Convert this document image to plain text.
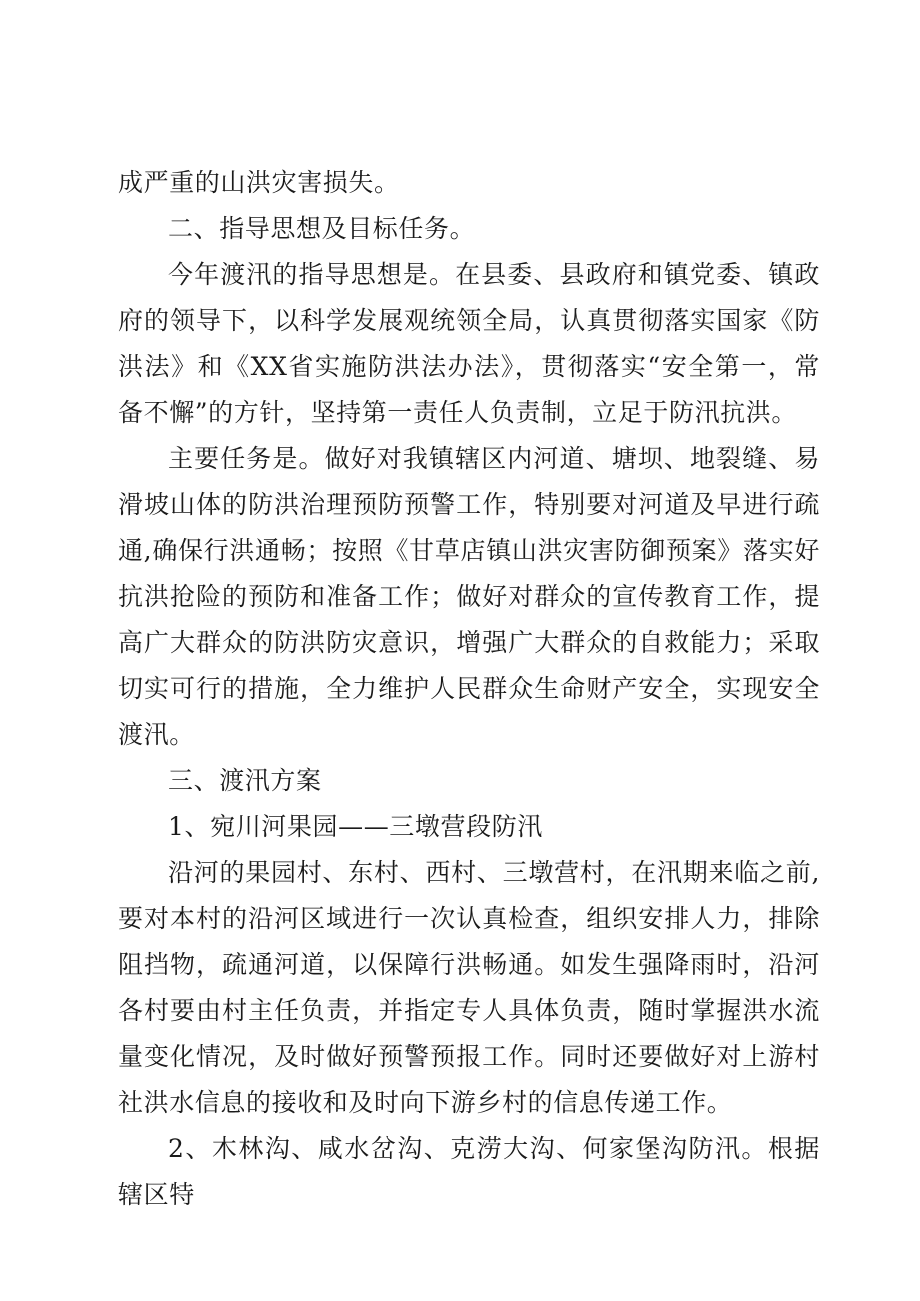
成严重的山洪灾害损失。

二、指导思想及目标任务。

今年渡汛的指导思想是。在县委、县政府和镇党委、镇政府的领导下，以科学发展观统领全局，认真贯彻落实国家《防洪法》和《XX省实施防洪法办法》，贯彻落实“安全第一，常备不懈”的方针，坚持第一责任人负责制，立足于防汛抗洪。

主要任务是。做好对我镇辖区内河道、塘坝、地裂缝、易滑坡山体的防洪治理预防预警工作，特别要对河道及早进行疏通,确保行洪通畅；按照《甘草店镇山洪灾害防御预案》落实好抗洪抢险的预防和准备工作；做好对群众的宣传教育工作，提高广大群众的防洪防灾意识，增强广大群众的自救能力；采取切实可行的措施，全力维护人民群众生命财产安全，实现安全渡汛。

三、渡汛方案

1、宛川河果园——三墩营段防汛

沿河的果园村、东村、西村、三墩营村，在汛期来临之前,要对本村的沿河区域进行一次认真检查，组织安排人力，排除阻挡物，疏通河道，以保障行洪畅通。如发生强降雨时，沿河各村要由村主任负责，并指定专人具体负责，随时掌握洪水流量变化情况，及时做好预警预报工作。同时还要做好对上游村社洪水信息的接收和及时向下游乡村的信息传递工作。

2、木林沟、咸水岔沟、克涝大沟、何家堡沟防汛。根据辖区特
